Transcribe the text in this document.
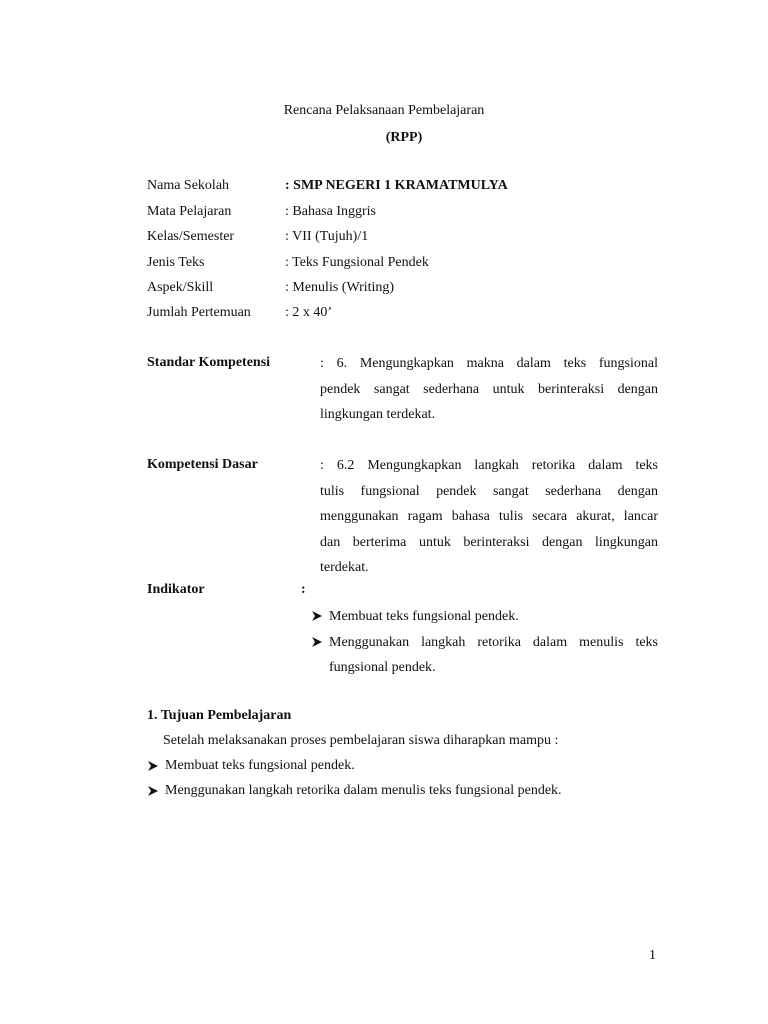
Rencana Pelaksanaan Pembelajaran
(RPP)
Nama Sekolah	: SMP NEGERI 1 KRAMATMULYA
Mata Pelajaran	: Bahasa Inggris
Kelas/Semester	: VII (Tujuh)/1
Jenis Teks	: Teks Fungsional Pendek
Aspek/Skill	: Menulis (Writing)
Jumlah Pertemuan : 2 x 40’
Standar Kompetensi	: 6. Mengungkapkan makna dalam teks fungsional
pendek sangat sederhana untuk berinteraksi dengan
lingkungan terdekat.
Kompetensi Dasar	: 6.2 Mengungkapkan langkah retorika dalam teks
tulis fungsional pendek sangat sederhana dengan
menggunakan ragam bahasa tulis secara akurat, lancar
dan berterima untuk berinteraksi dengan lingkungan
terdekat.
Indikator	:
Membuat teks fungsional pendek.
Menggunakan langkah retorika dalam menulis teks
fungsional pendek.
1. Tujuan Pembelajaran
Setelah melaksanakan proses pembelajaran siswa diharapkan mampu :
Membuat teks fungsional pendek.
Menggunakan langkah retorika dalam menulis teks fungsional pendek.
1
